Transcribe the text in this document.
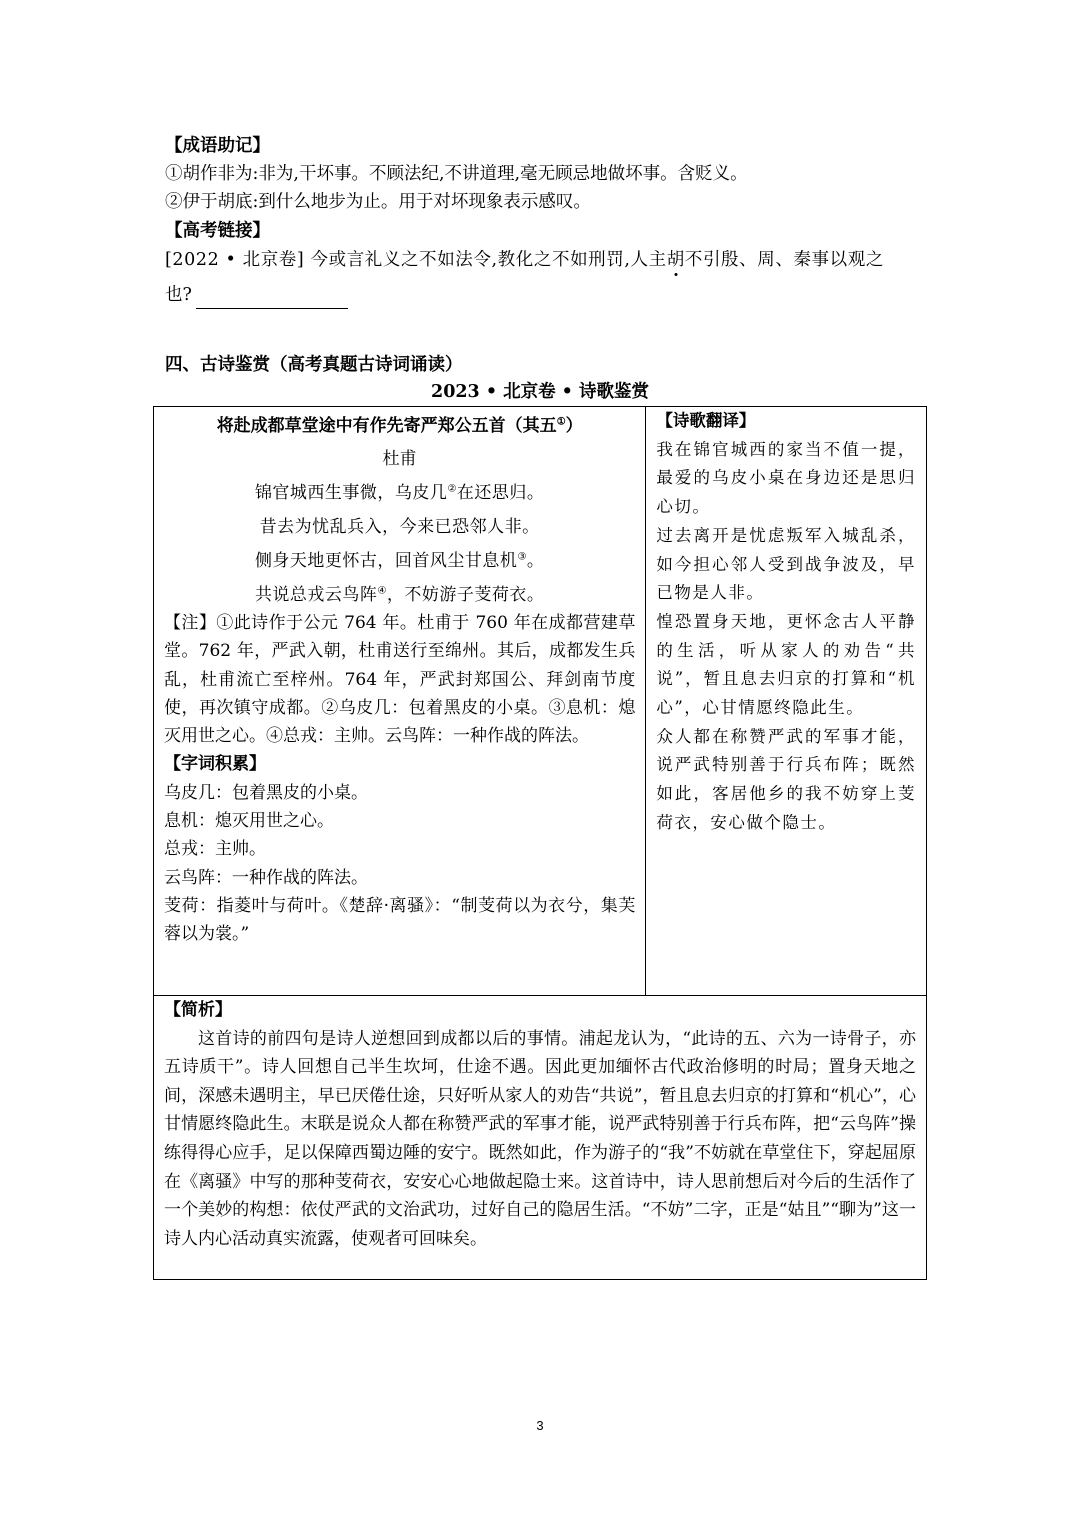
【成语助记】
①胡作非为:非为,干坏事。不顾法纪,不讲道理,毫无顾忌地做坏事。含贬义。
②伊于胡底:到什么地步为止。用于对坏现象表示感叹。
【高考链接】
[2022 • 北京卷] 今或言礼义之不如法令,教化之不如刑罚,人主胡不引殷、周、秦事以观之
也?
四、古诗鉴赏（高考真题古诗词诵读）
2023 • 北京卷 • 诗歌鉴赏
将赴成都草堂途中有作先寄严郑公五首（其五①）
杜甫
锦官城西生事微，乌皮几②在还思归。
昔去为忧乱兵入，今来已恐邻人非。
侧身天地更怀古，回首风尘甘息机③。
共说总戎云鸟阵④，不妨游子芰荷衣。

【注】①此诗作于公元 764 年。杜甫于 760 年在成都营建草堂。762 年，严武入朝，杜甫送行至绵州。其后，成都发生兵乱，杜甫流亡至梓州。764 年，严武封郑国公、拜剑南节度使，再次镇守成都。②乌皮几：包着黑皮的小桌。③息机：熄灭用世之心。④总戎：主帅。云鸟阵：一种作战的阵法。

【字词积累】

乌皮几：包着黑皮的小桌。

息机：熄灭用世之心。

总戎：主帅。

云鸟阵：一种作战的阵法。

芰荷：指菱叶与荷叶。《楚辞·离骚》：“制芰荷以为衣兮，集芙蓉以为裳。”

【诗歌翻译】

我在锦官城西的家当不值一提，最爱的乌皮小桌在身边还是思归心切。

过去离开是忧虑叛军入城乱杀，如今担心邻人受到战争波及，早已物是人非。

惶恐置身天地，更怀念古人平静的生活，听从家人的劝告“共说”，暂且息去归京的打算和“机心”，心甘情愿终隐此生。

众人都在称赞严武的军事才能，说严武特别善于行兵布阵；既然如此，客居他乡的我不妨穿上芰荷衣，安心做个隐士。

【简析】

这首诗的前四句是诗人逆想回到成都以后的事情。浦起龙认为，“此诗的五、六为一诗骨子，亦五诗质干”。诗人回想自己半生坎坷，仕途不遇。因此更加缅怀古代政治修明的时局；置身天地之间，深感未遇明主，早已厌倦仕途，只好听从家人的劝告“共说”，暂且息去归京的打算和“机心”，心甘情愿终隐此生。末联是说众人都在称赞严武的军事才能，说严武特别善于行兵布阵，把“云鸟阵”操练得得心应手，足以保障西蜀边陲的安宁。既然如此，作为游子的“我”不妨就在草堂住下，穿起屈原在《离骚》中写的那种芰荷衣，安安心心地做起隐士来。这首诗中，诗人思前想后对今后的生活作了一个美妙的构想：依仗严武的文治武功，过好自己的隐居生活。“不妨”二字，正是“姑且”“聊为”这一诗人内心活动真实流露，使观者可回味矣。

3
